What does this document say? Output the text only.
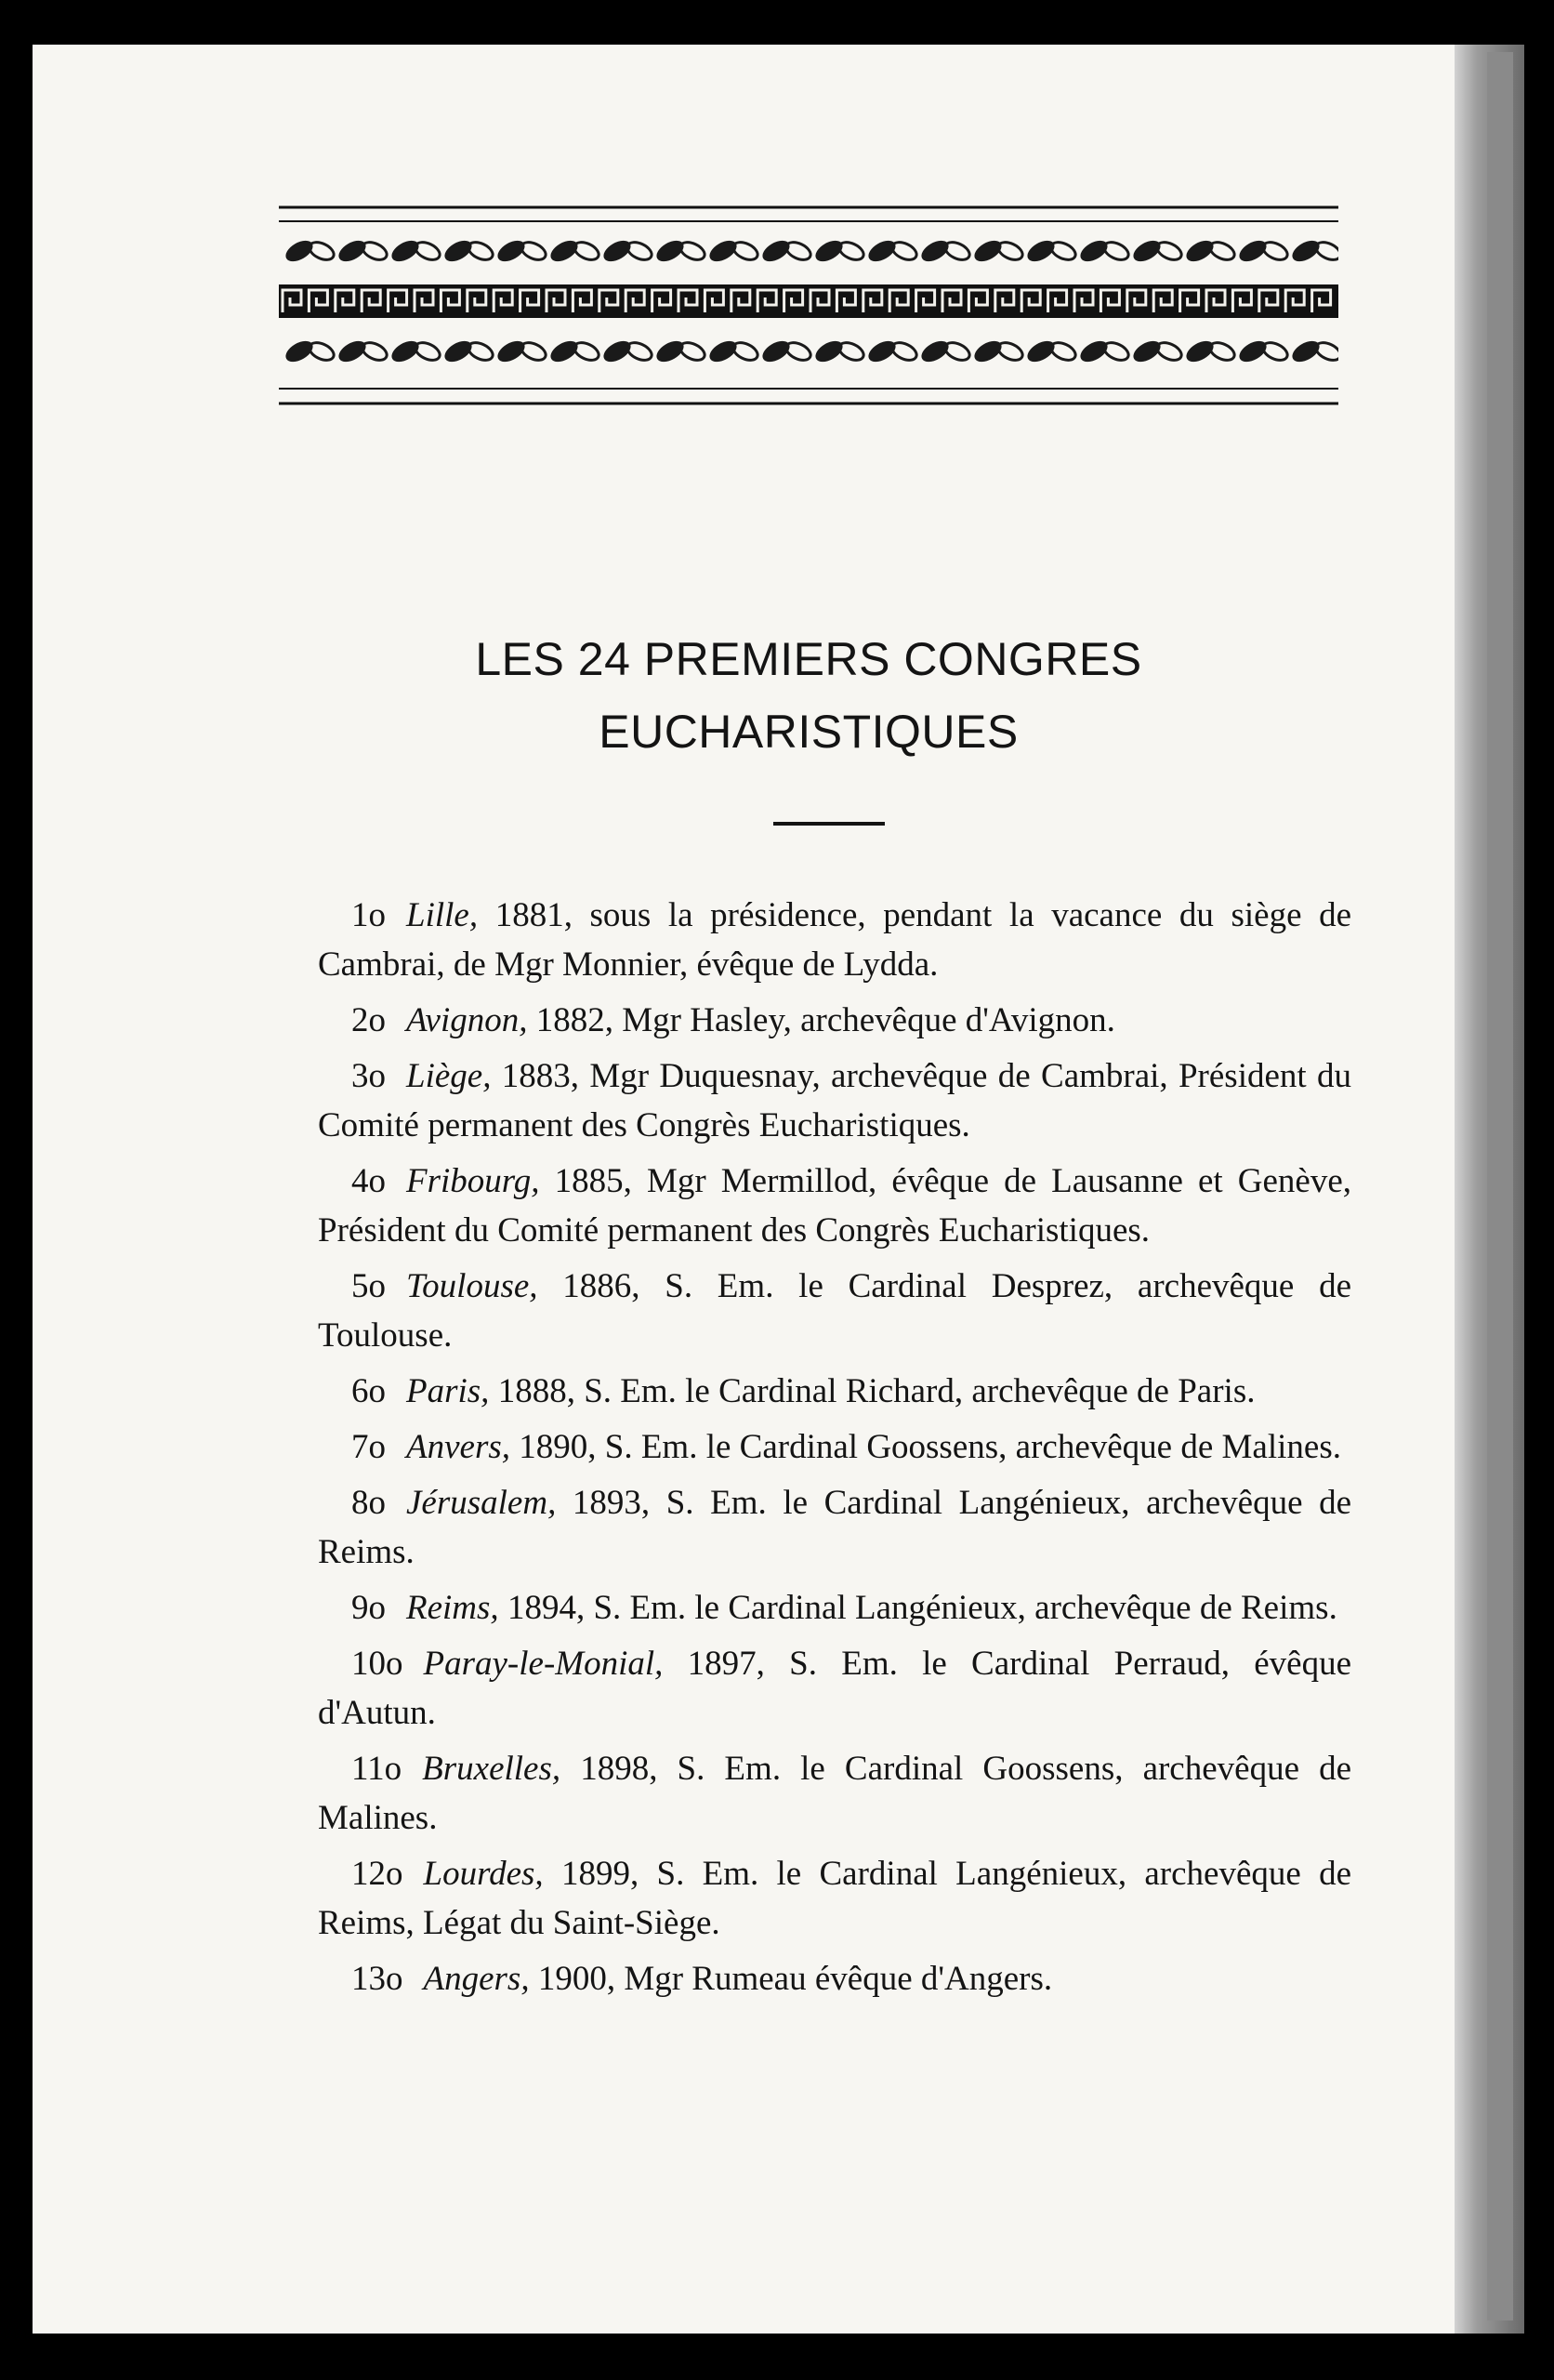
LES 24 PREMIERS CONGRES
EUCHARISTIQUES

1o Lille, 1881, sous la présidence, pendant la vacance du siège de Cambrai, de Mgr Monnier, évêque de Lydda.

2o Avignon, 1882, Mgr Hasley, archevêque d'Avignon.

3o Liège, 1883, Mgr Duquesnay, archevêque de Cambrai, Président du Comité permanent des Congrès Eucharistiques.

4o Fribourg, 1885, Mgr Mermillod, évêque de Lausanne et Genève, Président du Comité permanent des Congrès Eucharistiques.

5o Toulouse, 1886, S. Em. le Cardinal Desprez, archevêque de Toulouse.

6o Paris, 1888, S. Em. le Cardinal Richard, archevêque de Paris.

7o Anvers, 1890, S. Em. le Cardinal Goossens, archevêque de Malines.

8o Jérusalem, 1893, S. Em. le Cardinal Langénieux, archevêque de Reims.

9o Reims, 1894, S. Em. le Cardinal Langénieux, archevêque de Reims.

10o Paray-le-Monial, 1897, S. Em. le Cardinal Perraud, évêque d'Autun.

11o Bruxelles, 1898, S. Em. le Cardinal Goossens, archevêque de Malines.

12o Lourdes, 1899, S. Em. le Cardinal Langénieux, archevêque de Reims, Légat du Saint-Siège.

13o Angers, 1900, Mgr Rumeau évêque d'Angers.
